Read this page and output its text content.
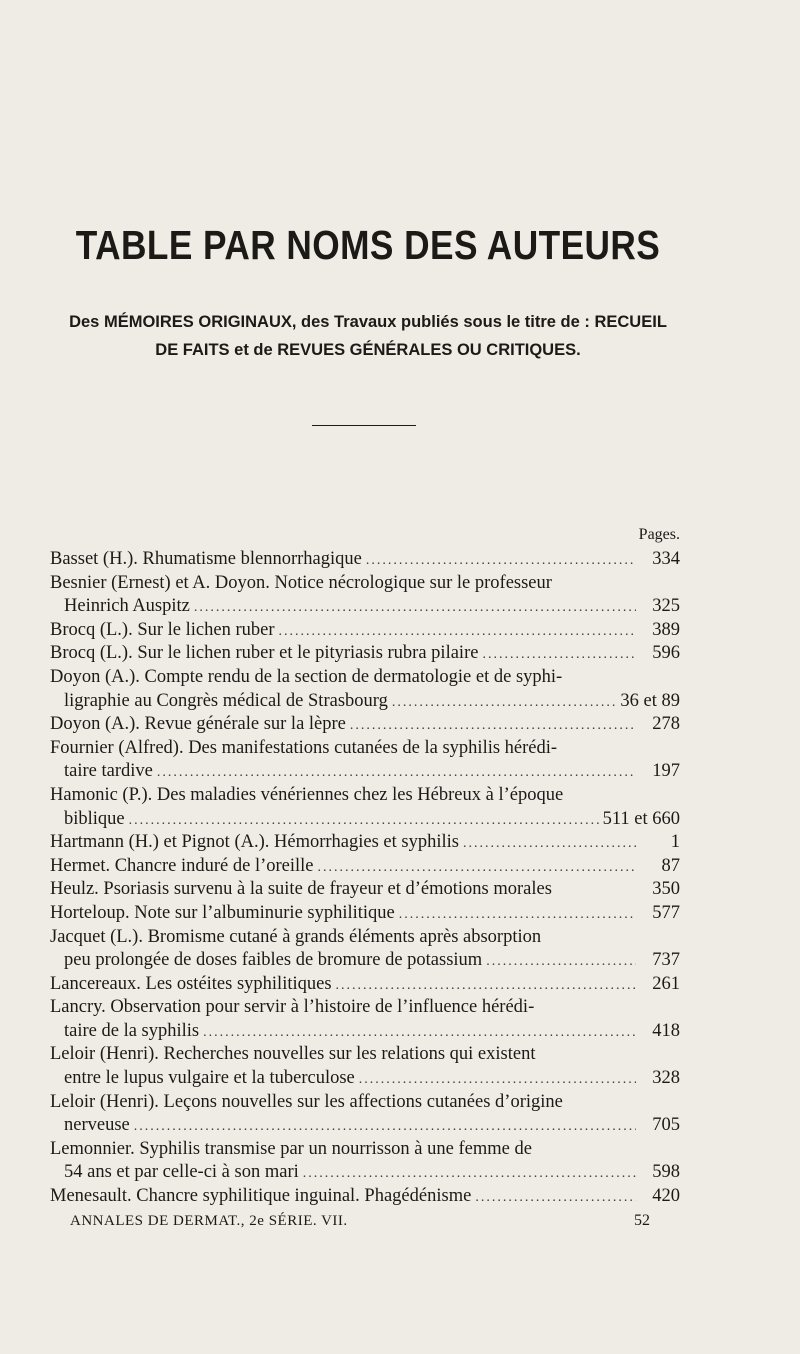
TABLE PAR NOMS DES AUTEURS
Des MÉMOIRES ORIGINAUX, des Travaux publiés sous le titre de : RECUEIL
DE FAITS et de REVUES GÉNÉRALES OU CRITIQUES.
Pages.
Basset (H.). Rhumatisme blennorrhagique .....	334
Besnier (Ernest) et A. Doyon. Notice nécrologique sur le professeur
Heinrich Auspitz .....	325
Brocq (L.). Sur le lichen ruber .....	389
Brocq (L.). Sur le lichen ruber et le pityriasis rubra pilaire .....	596
Doyon (A.). Compte rendu de la section de dermatologie et de syphi-
ligraphie au Congrès médical de Strasbourg .....	36 et 89
Doyon (A.). Revue générale sur la lèpre .....	278
Fournier (Alfred). Des manifestations cutanées de la syphilis hérédi-
taire tardive .....	197
Hamonic (P.). Des maladies vénériennes chez les Hébreux à l’époque
biblique .....	511 et 660
Hartmann (H.) et Pignot (A.). Hémorrhagies et syphilis .....	1
Hermet. Chancre induré de l’oreille .....	87
Heulz. Psoriasis survenu à la suite de frayeur et d’émotions morales	350
Horteloup. Note sur l’albuminurie syphilitique .....	577
Jacquet (L.). Bromisme cutané à grands éléments après absorption
peu prolongée de doses faibles de bromure de potassium .....	737
Lancereaux. Les ostéites syphilitiques .....	261
Lancry. Observation pour servir à l’histoire de l’influence hérédi-
taire de la syphilis .....	418
Leloir (Henri). Recherches nouvelles sur les relations qui existent
entre le lupus vulgaire et la tuberculose .....	328
Leloir (Henri). Leçons nouvelles sur les affections cutanées d’origine
nerveuse .....	705
Lemonnier. Syphilis transmise par un nourrisson à une femme de
54 ans et par celle-ci à son mari .....	598
Menesault. Chancre syphilitique inguinal. Phagédénisme .....	420
ANNALES DE DERMAT., 2e SÉRIE. VII.	52
